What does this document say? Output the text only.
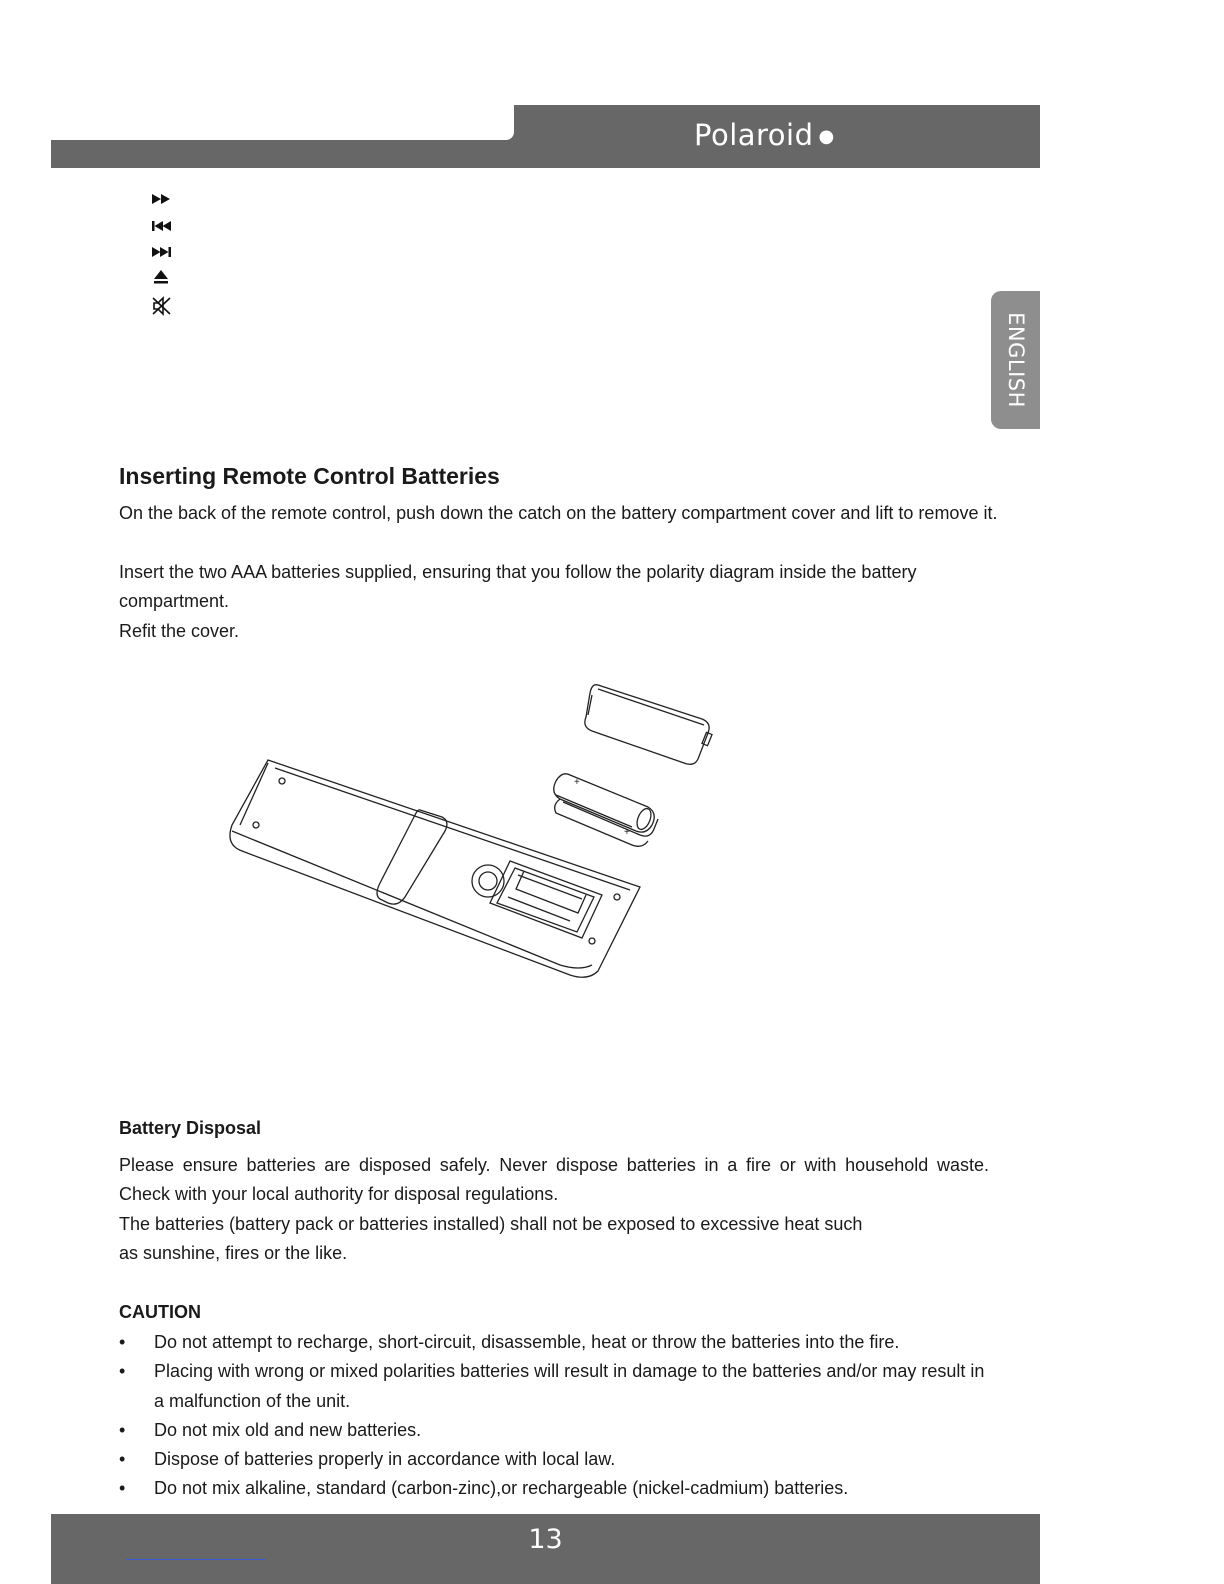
Polaroid ●
ENGLISH
Inserting Remote Control Batteries

On the back of the remote control, push down the catch on the battery compartment cover and lift to remove it.

Insert the two AAA batteries supplied, ensuring that you follow the polarity diagram inside the battery compartment.

Refit the cover.

+
+
Battery Disposal

Please ensure batteries are disposed safely. Never dispose batteries in a fire or with household waste. Check with your local authority for disposal regulations.

The batteries (battery pack or batteries installed) shall not be exposed to excessive heat such

as sunshine, fires or the like.

CAUTION
• Do not attempt to recharge, short-circuit, disassemble, heat or throw the batteries into the fire.
• Placing with wrong or mixed polarities batteries will result in damage to the batteries and/or may result in a malfunction of the unit.
• Do not mix old and new batteries.
• Dispose of batteries properly in accordance with local law.
• Do not mix alkaline, standard (carbon-zinc),or rechargeable (nickel-cadmium) batteries.
13
